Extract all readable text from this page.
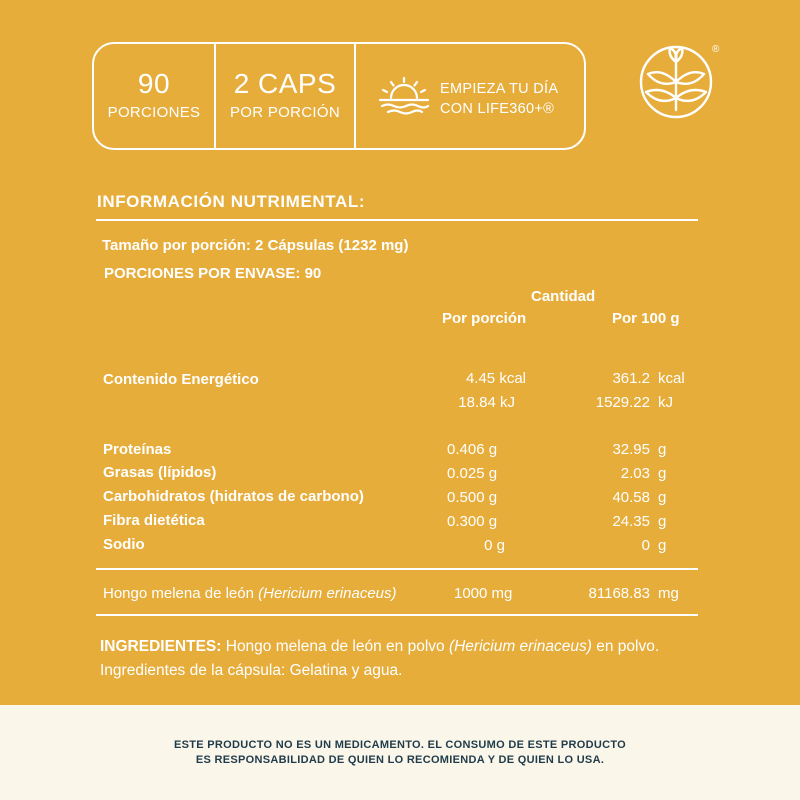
90
PORCIONES
2 CAPS
POR PORCIÓN
EMPIEZA TU DÍA
CON LIFE360+®
®
INFORMACIÓN NUTRIMENTAL:
Tamaño por porción: 2 Cápsulas (1232 mg)
PORCIONES POR ENVASE: 90
Cantidad
Por porción	Por 100 g
Contenido Energético	4.45 kcal	361.2 kcal
18.84 kJ	1529.22 kJ
Proteínas	0.406 g	32.95 g
Grasas (lípidos)	0.025 g	2.03 g
Carbohidratos (hidratos de carbono)	0.500 g	40.58 g
Fibra dietética	0.300 g	24.35 g
Sodio	0 g	0 g
Hongo melena de león (Hericium erinaceus)	1000 mg	81168.83 mg
INGREDIENTES: Hongo melena de león en polvo (Hericium erinaceus) en polvo.
Ingredientes de la cápsula: Gelatina y agua.
ESTE PRODUCTO NO ES UN MEDICAMENTO. EL CONSUMO DE ESTE PRODUCTO
ES RESPONSABILIDAD DE QUIEN LO RECOMIENDA Y DE QUIEN LO USA.
